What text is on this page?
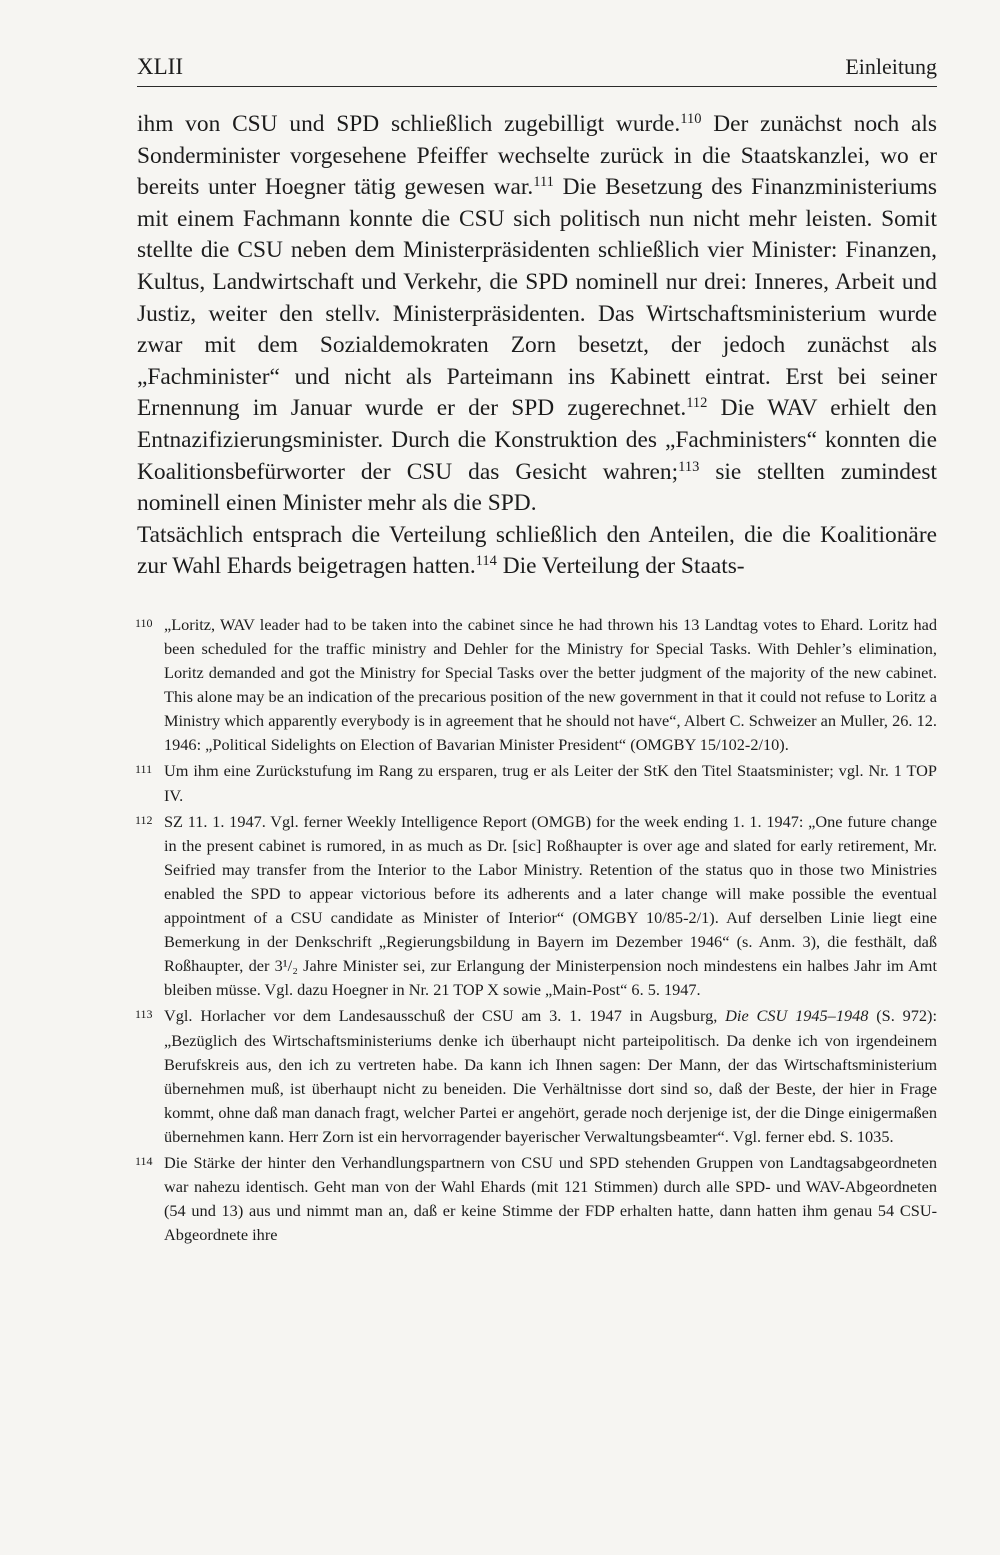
XLII	Einleitung

ihm von CSU und SPD schließlich zugebilligt wurde.$^{110}$ Der zunächst noch als Sonderminister vorgesehene Pfeiffer wechselte zurück in die Staatskanzlei, wo er bereits unter Hoegner tätig gewesen war.$^{111}$ Die Besetzung des Finanzministeriums mit einem Fachmann konnte die CSU sich politisch nun nicht mehr leisten. Somit stellte die CSU neben dem Ministerpräsidenten schließlich vier Minister: Finanzen, Kultus, Landwirtschaft und Verkehr, die SPD nominell nur drei: Inneres, Arbeit und Justiz, weiter den stellv. Ministerpräsidenten. Das Wirtschaftsministerium wurde zwar mit dem Sozialdemokraten Zorn besetzt, der jedoch zunächst als „Fachminister“ und nicht als Parteimann ins Kabinett eintrat. Erst bei seiner Ernennung im Januar wurde er der SPD zugerechnet.$^{112}$ Die WAV erhielt den Entnazifizierungsminister. Durch die Konstruktion des „Fachministers“ konnten die Koalitionsbefürworter der CSU das Gesicht wahren;$^{113}$ sie stellten zumindest nominell einen Minister mehr als die SPD.

Tatsächlich entsprach die Verteilung schließlich den Anteilen, die die Koalitionäre zur Wahl Ehards beigetragen hatten.$^{114}$ Die Verteilung der Staats-

110 „Loritz, WAV leader had to be taken into the cabinet since he had thrown his 13 Landtag votes to Ehard. Loritz had been scheduled for the traffic ministry and Dehler for the Ministry for Special Tasks. With Dehler’s elimination, Loritz demanded and got the Ministry for Special Tasks over the better judgment of the majority of the new cabinet. This alone may be an indication of the precarious position of the new government in that it could not refuse to Loritz a Ministry which apparently everybody is in agreement that he should not have“, Albert C. Schweizer an Muller, 26. 12. 1946: „Political Sidelights on Election of Bavarian Minister President“ (OMGBY 15/102-2/10).
111 Um ihm eine Zurückstufung im Rang zu ersparen, trug er als Leiter der StK den Titel Staatsminister; vgl. Nr. 1 TOP IV.
112 SZ 11. 1. 1947. Vgl. ferner Weekly Intelligence Report (OMGB) for the week ending 1. 1. 1947: „One future change in the present cabinet is rumored, in as much as Dr. [sic] Roßhaupter is over age and slated for early retirement, Mr. Seifried may transfer from the Interior to the Labor Ministry. Retention of the status quo in those two Ministries enabled the SPD to appear victorious before its adherents and a later change will make possible the eventual appointment of a CSU candidate as Minister of Interior“ (OMGBY 10/85-2/1). Auf derselben Linie liegt eine Bemerkung in der Denkschrift „Regierungsbildung in Bayern im Dezember 1946“ (s. Anm. 3), die festhält, daß Roßhaupter, der 3¹/₂ Jahre Minister sei, zur Erlangung der Ministerpension noch mindestens ein halbes Jahr im Amt bleiben müsse. Vgl. dazu Hoegner in Nr. 21 TOP X sowie „Main-Post“ 6. 5. 1947.
113 Vgl. Horlacher vor dem Landesausschuß der CSU am 3. 1. 1947 in Augsburg, Die CSU 1945–1948 (S. 972): „Bezüglich des Wirtschaftsministeriums denke ich überhaupt nicht parteipolitisch. Da denke ich von irgendeinem Berufskreis aus, den ich zu vertreten habe. Da kann ich Ihnen sagen: Der Mann, der das Wirtschaftsministerium übernehmen muß, ist überhaupt nicht zu beneiden. Die Verhältnisse dort sind so, daß der Beste, der hier in Frage kommt, ohne daß man danach fragt, welcher Partei er angehört, gerade noch derjenige ist, der die Dinge einigermaßen übernehmen kann. Herr Zorn ist ein hervorragender bayerischer Verwaltungsbeamter“. Vgl. ferner ebd. S. 1035.
114 Die Stärke der hinter den Verhandlungspartnern von CSU und SPD stehenden Gruppen von Landtagsabgeordneten war nahezu identisch. Geht man von der Wahl Ehards (mit 121 Stimmen) durch alle SPD- und WAV-Abgeordneten (54 und 13) aus und nimmt man an, daß er keine Stimme der FDP erhalten hatte, dann hatten ihm genau 54 CSU-Abgeordnete ihre
